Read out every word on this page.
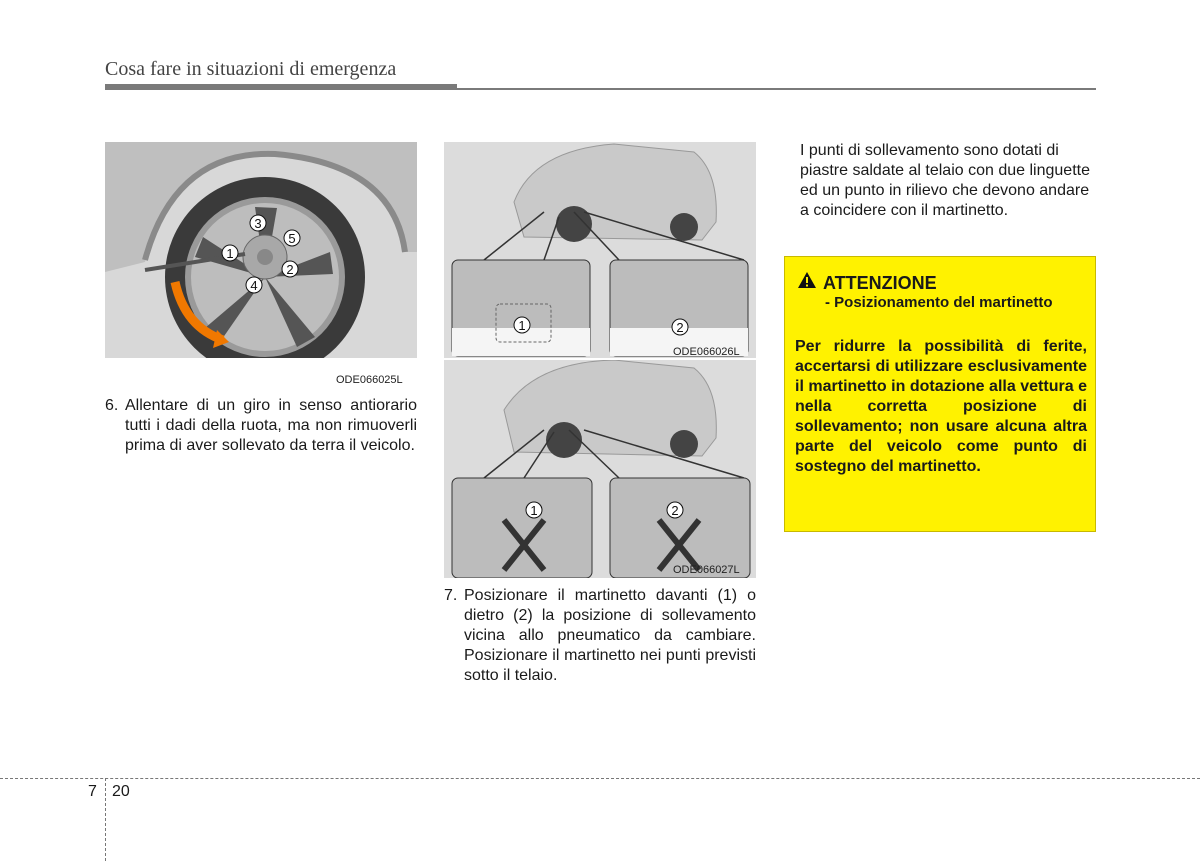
Cosa fare in situazioni di emergenza
3
5
1
2
4
ODE066025L
1	2
ODE066026L
1	2
ODE066027L
6. Allentare di un giro in senso antiorario tutti i dadi della ruota, ma non rimuoverli prima di aver sollevato da terra il veicolo.
7. Posizionare il martinetto davanti (1) o dietro (2) la posizione di sollevamento vicina allo pneumatico da cambiare. Posizionare il martinetto nei punti previsti sotto il telaio.
I punti di sollevamento sono dotati di piastre saldate al telaio con due linguette ed un punto in rilievo che devono andare a coincidere con il martinetto.
ATTENZIONE
- Posizionamento del martinetto
Per ridurre la possibilità di ferite, accertarsi di utilizzare esclusivamente il martinetto in dotazione alla vettura e nella corretta posizione di sollevamento; non usare alcuna altra parte del veicolo come punto di sostegno del martinetto.
7 20
